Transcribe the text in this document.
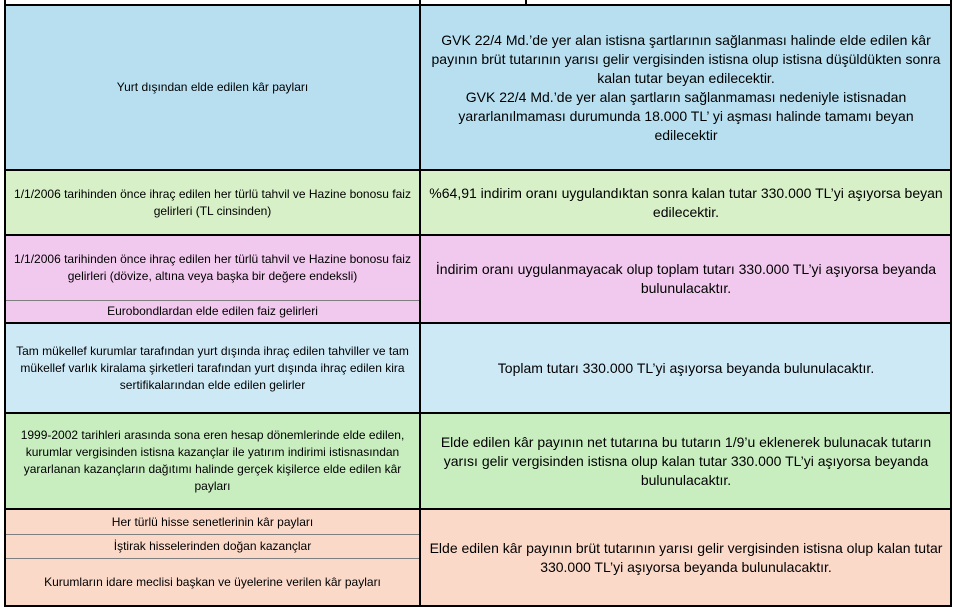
Yurt dışından elde edilen kâr payları
GVK 22/4 Md.’de yer alan istisna şartlarının sağlanması halinde elde edilen kâr payının brüt tutarının yarısı gelir vergisinden istisna olup istisna düşüldükten sonra kalan tutar beyan edilecektir.
GVK 22/4 Md.’de yer alan şartların sağlanmaması nedeniyle istisnadan yararlanılmaması durumunda 18.000 TL’ yi aşması halinde tamamı beyan edilecektir
1/1/2006 tarihinden önce ihraç edilen her türlü tahvil ve Hazine bonosu faiz gelirleri (TL cinsinden)
%64,91 indirim oranı uygulandıktan sonra kalan tutar 330.000 TL’yi aşıyorsa beyan edilecektir.
1/1/2006 tarihinden önce ihraç edilen her türlü tahvil ve Hazine bonosu faiz gelirleri (dövize, altına veya başka bir değere endeksli)
Eurobondlardan elde edilen faiz gelirleri
İndirim oranı uygulanmayacak olup toplam tutarı 330.000 TL’yi aşıyorsa beyanda bulunulacaktır.
Tam mükellef kurumlar tarafından yurt dışında ihraç edilen tahviller ve tam mükellef varlık kiralama şirketleri tarafından yurt dışında ihraç edilen kira sertifikalarından elde edilen gelirler
Toplam tutarı 330.000 TL’yi aşıyorsa beyanda bulunulacaktır.
1999-2002 tarihleri arasında sona eren hesap dönemlerinde elde edilen, kurumlar vergisinden istisna kazançlar ile yatırım indirimi istisnasından yararlanan kazançların dağıtımı halinde gerçek kişilerce elde edilen kâr payları
Elde edilen kâr payının net tutarına bu tutarın 1/9’u eklenerek bulunacak tutarın yarısı gelir vergisinden istisna olup kalan tutar 330.000 TL’yi aşıyorsa beyanda bulunulacaktır.
Her türlü hisse senetlerinin kâr payları
İştirak hisselerinden doğan kazançlar
Kurumların idare meclisi başkan ve üyelerine verilen kâr payları
Elde edilen kâr payının brüt tutarının yarısı gelir vergisinden istisna olup kalan tutar 330.000 TL’yi aşıyorsa beyanda bulunulacaktır.
